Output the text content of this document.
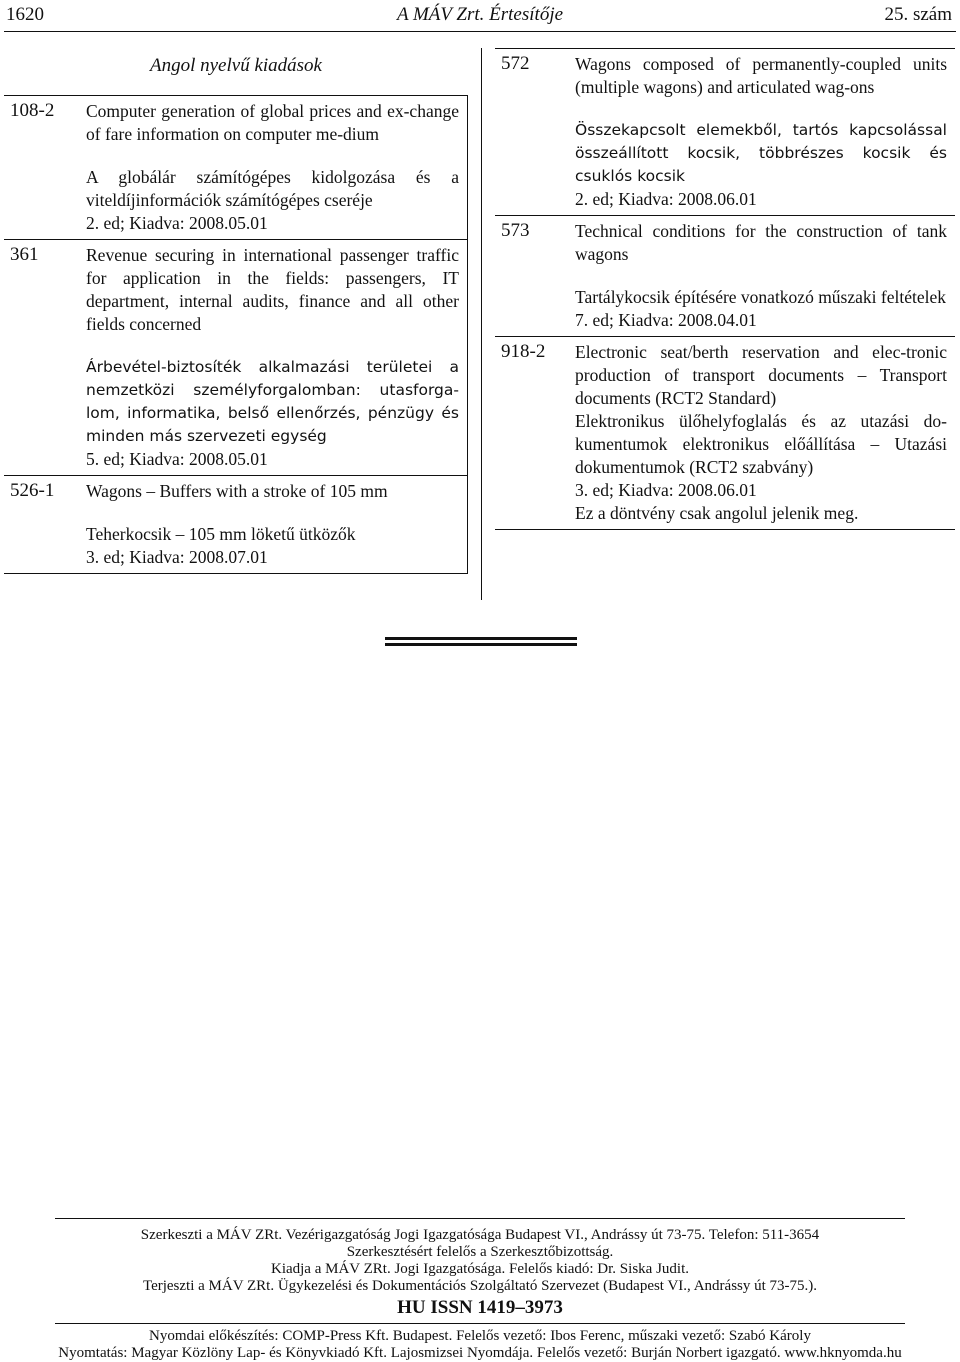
1620	A MÁV Zrt. Értesítője	25. szám
Angol nyelvű kiadások
108-2 Computer generation of global prices and ex-change of fare information on computer me-dium

A globálár számítógépes kidolgozása és a viteldíjinformációk számítógépes cseréje

2. ed; Kiadva: 2008.05.01

361	Revenue securing in international passenger traffic for application in the fields: passengers, IT department, internal audits, finance and all other fields concerned

Árbevétel-biztosíték alkalmazási területei a nemzetközi személyforgalomban: utasforga-lom, informatika, belső ellenőrzés, pénzügy és minden más szervezeti egység

5. ed; Kiadva: 2008.05.01

526-1 Wagons – Buffers with a stroke of 105 mm

Teherkocsik – 105 mm löketű ütközők

3. ed; Kiadva: 2008.07.01

572	Wagons composed of permanently-coupled units (multiple wagons) and articulated wag-ons

Összekapcsolt elemekből, tartós kapcsolással összeállított kocsik, többrészes kocsik és csuklós kocsik

2. ed; Kiadva: 2008.06.01

573	Technical conditions for the construction of tank wagons

Tartálykocsik építésére vonatkozó műszaki feltételek

7. ed; Kiadva: 2008.04.01

918-2 Electronic seat/berth reservation and elec-tronic production of transport documents – Transport documents (RCT2 Standard)

Elektronikus ülőhelyfoglalás és az utazási do-kumentumok elektronikus előállítása – Utazási dokumentumok (RCT2 szabvány)

3. ed; Kiadva: 2008.06.01

Ez a döntvény csak angolul jelenik meg.

Szerkeszti a MÁV ZRt. Vezérigazgatóság Jogi Igazgatósága Budapest VI., Andrássy út 73-75. Telefon: 511-3654
Szerkesztésért felelős a Szerkesztőbizottság.
Kiadja a MÁV ZRt. Jogi Igazgatósága. Felelős kiadó: Dr. Siska Judit.
Terjeszti a MÁV ZRt. Ügykezelési és Dokumentációs Szolgáltató Szervezet (Budapest VI., Andrássy út 73-75.).
HU ISSN 1419–3973
Nyomdai előkészítés: COMP-Press Kft. Budapest. Felelős vezető: Ibos Ferenc, műszaki vezető: Szabó Károly
Nyomtatás: Magyar Közlöny Lap- és Könyvkiadó Kft. Lajosmizsei Nyomdája. Felelős vezető: Burján Norbert igazgató. www.hknyomda.hu
